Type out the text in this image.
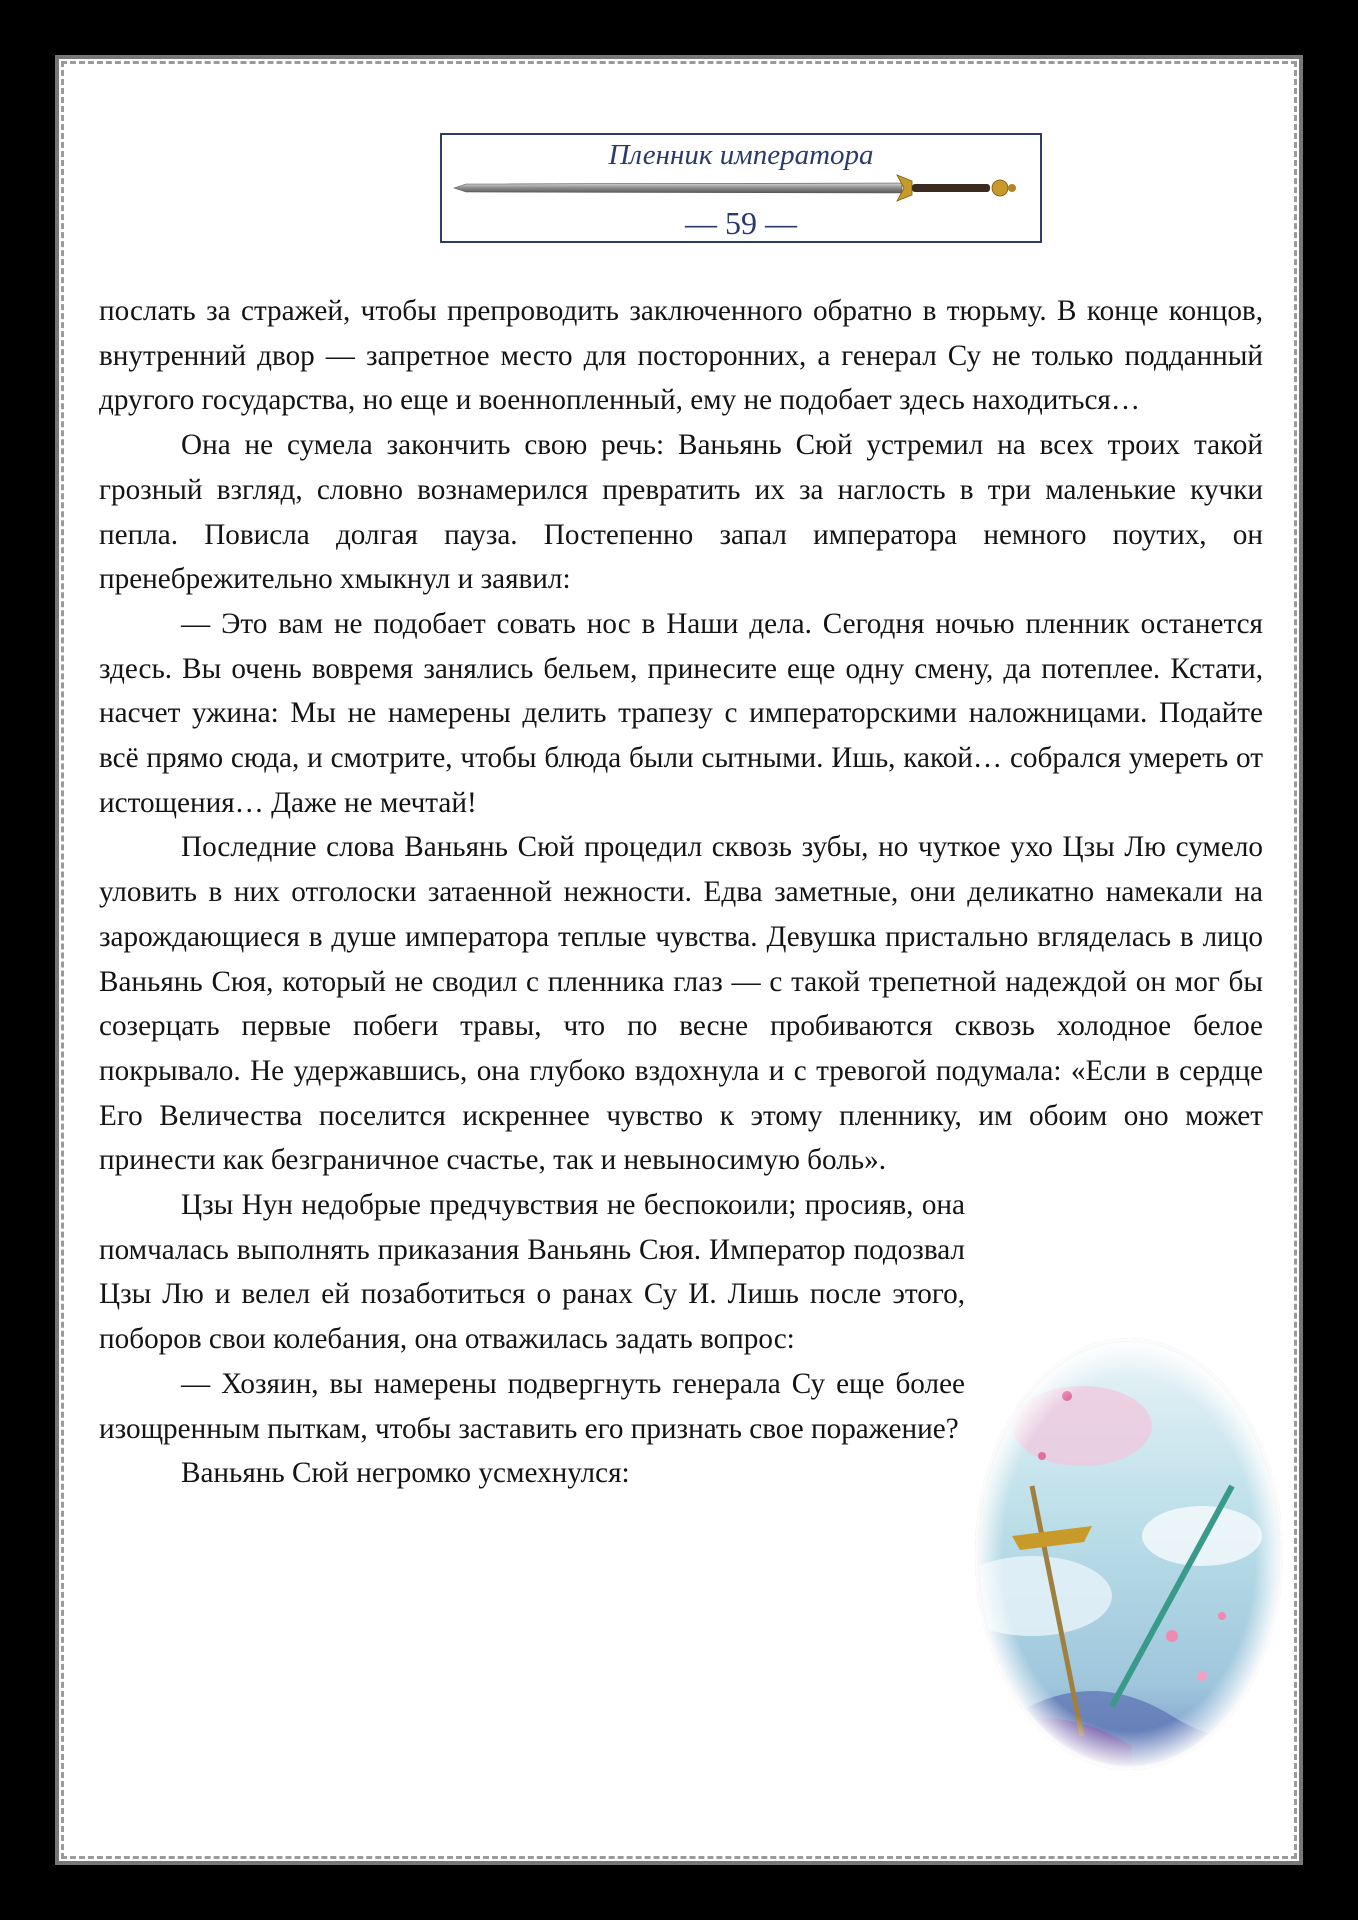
Пленник императора
— 59 —

послать за стражей, чтобы препроводить заключенного обратно в тюрьму. В конце концов, внутренний двор — запретное место для посторонних, а генерал Су не только подданный другого государства, но еще и военнопленный, ему не подобает здесь находиться…

Она не сумела закончить свою речь: Ваньянь Сюй устремил на всех троих такой грозный взгляд, словно вознамерился превратить их за наглость в три маленькие кучки пепла. Повисла долгая пауза. Постепенно запал императора немного поутих, он пренебрежительно хмыкнул и заявил:

— Это вам не подобает совать нос в Наши дела. Сегодня ночью пленник останется здесь. Вы очень вовремя занялись бельем, принесите еще одну смену, да потеплее. Кстати, насчет ужина: Мы не намерены делить трапезу с императорскими наложницами. Подайте всё прямо сюда, и смотрите, чтобы блюда были сытными. Ишь, какой… собрался умереть от истощения… Даже не мечтай!

Последние слова Ваньянь Сюй процедил сквозь зубы, но чуткое ухо Цзы Лю сумело уловить в них отголоски затаенной нежности. Едва заметные, они деликатно намекали на зарождающиеся в душе императора теплые чувства. Девушка пристально вгляделась в лицо Ваньянь Сюя, который не сводил с пленника глаз — с такой трепетной надеждой он мог бы созерцать первые побеги травы, что по весне пробиваются сквозь холодное белое покрывало. Не удержавшись, она глубоко вздохнула и с тревогой подумала: «Если в сердце Его Величества поселится искреннее чувство к этому пленнику, им обоим оно может принести как безграничное счастье, так и невыносимую боль».

Цзы Нун недобрые предчувствия не беспокоили; просияв, она помчалась выполнять приказания Ваньянь Сюя. Император подозвал Цзы Лю и велел ей позаботиться о ранах Су И. Лишь после этого, поборов свои колебания, она отважилась задать вопрос:

— Хозяин, вы намерены подвергнуть генерала Су еще более изощренным пыткам, чтобы заставить его признать свое поражение?

Ваньянь Сюй негромко усмехнулся:
